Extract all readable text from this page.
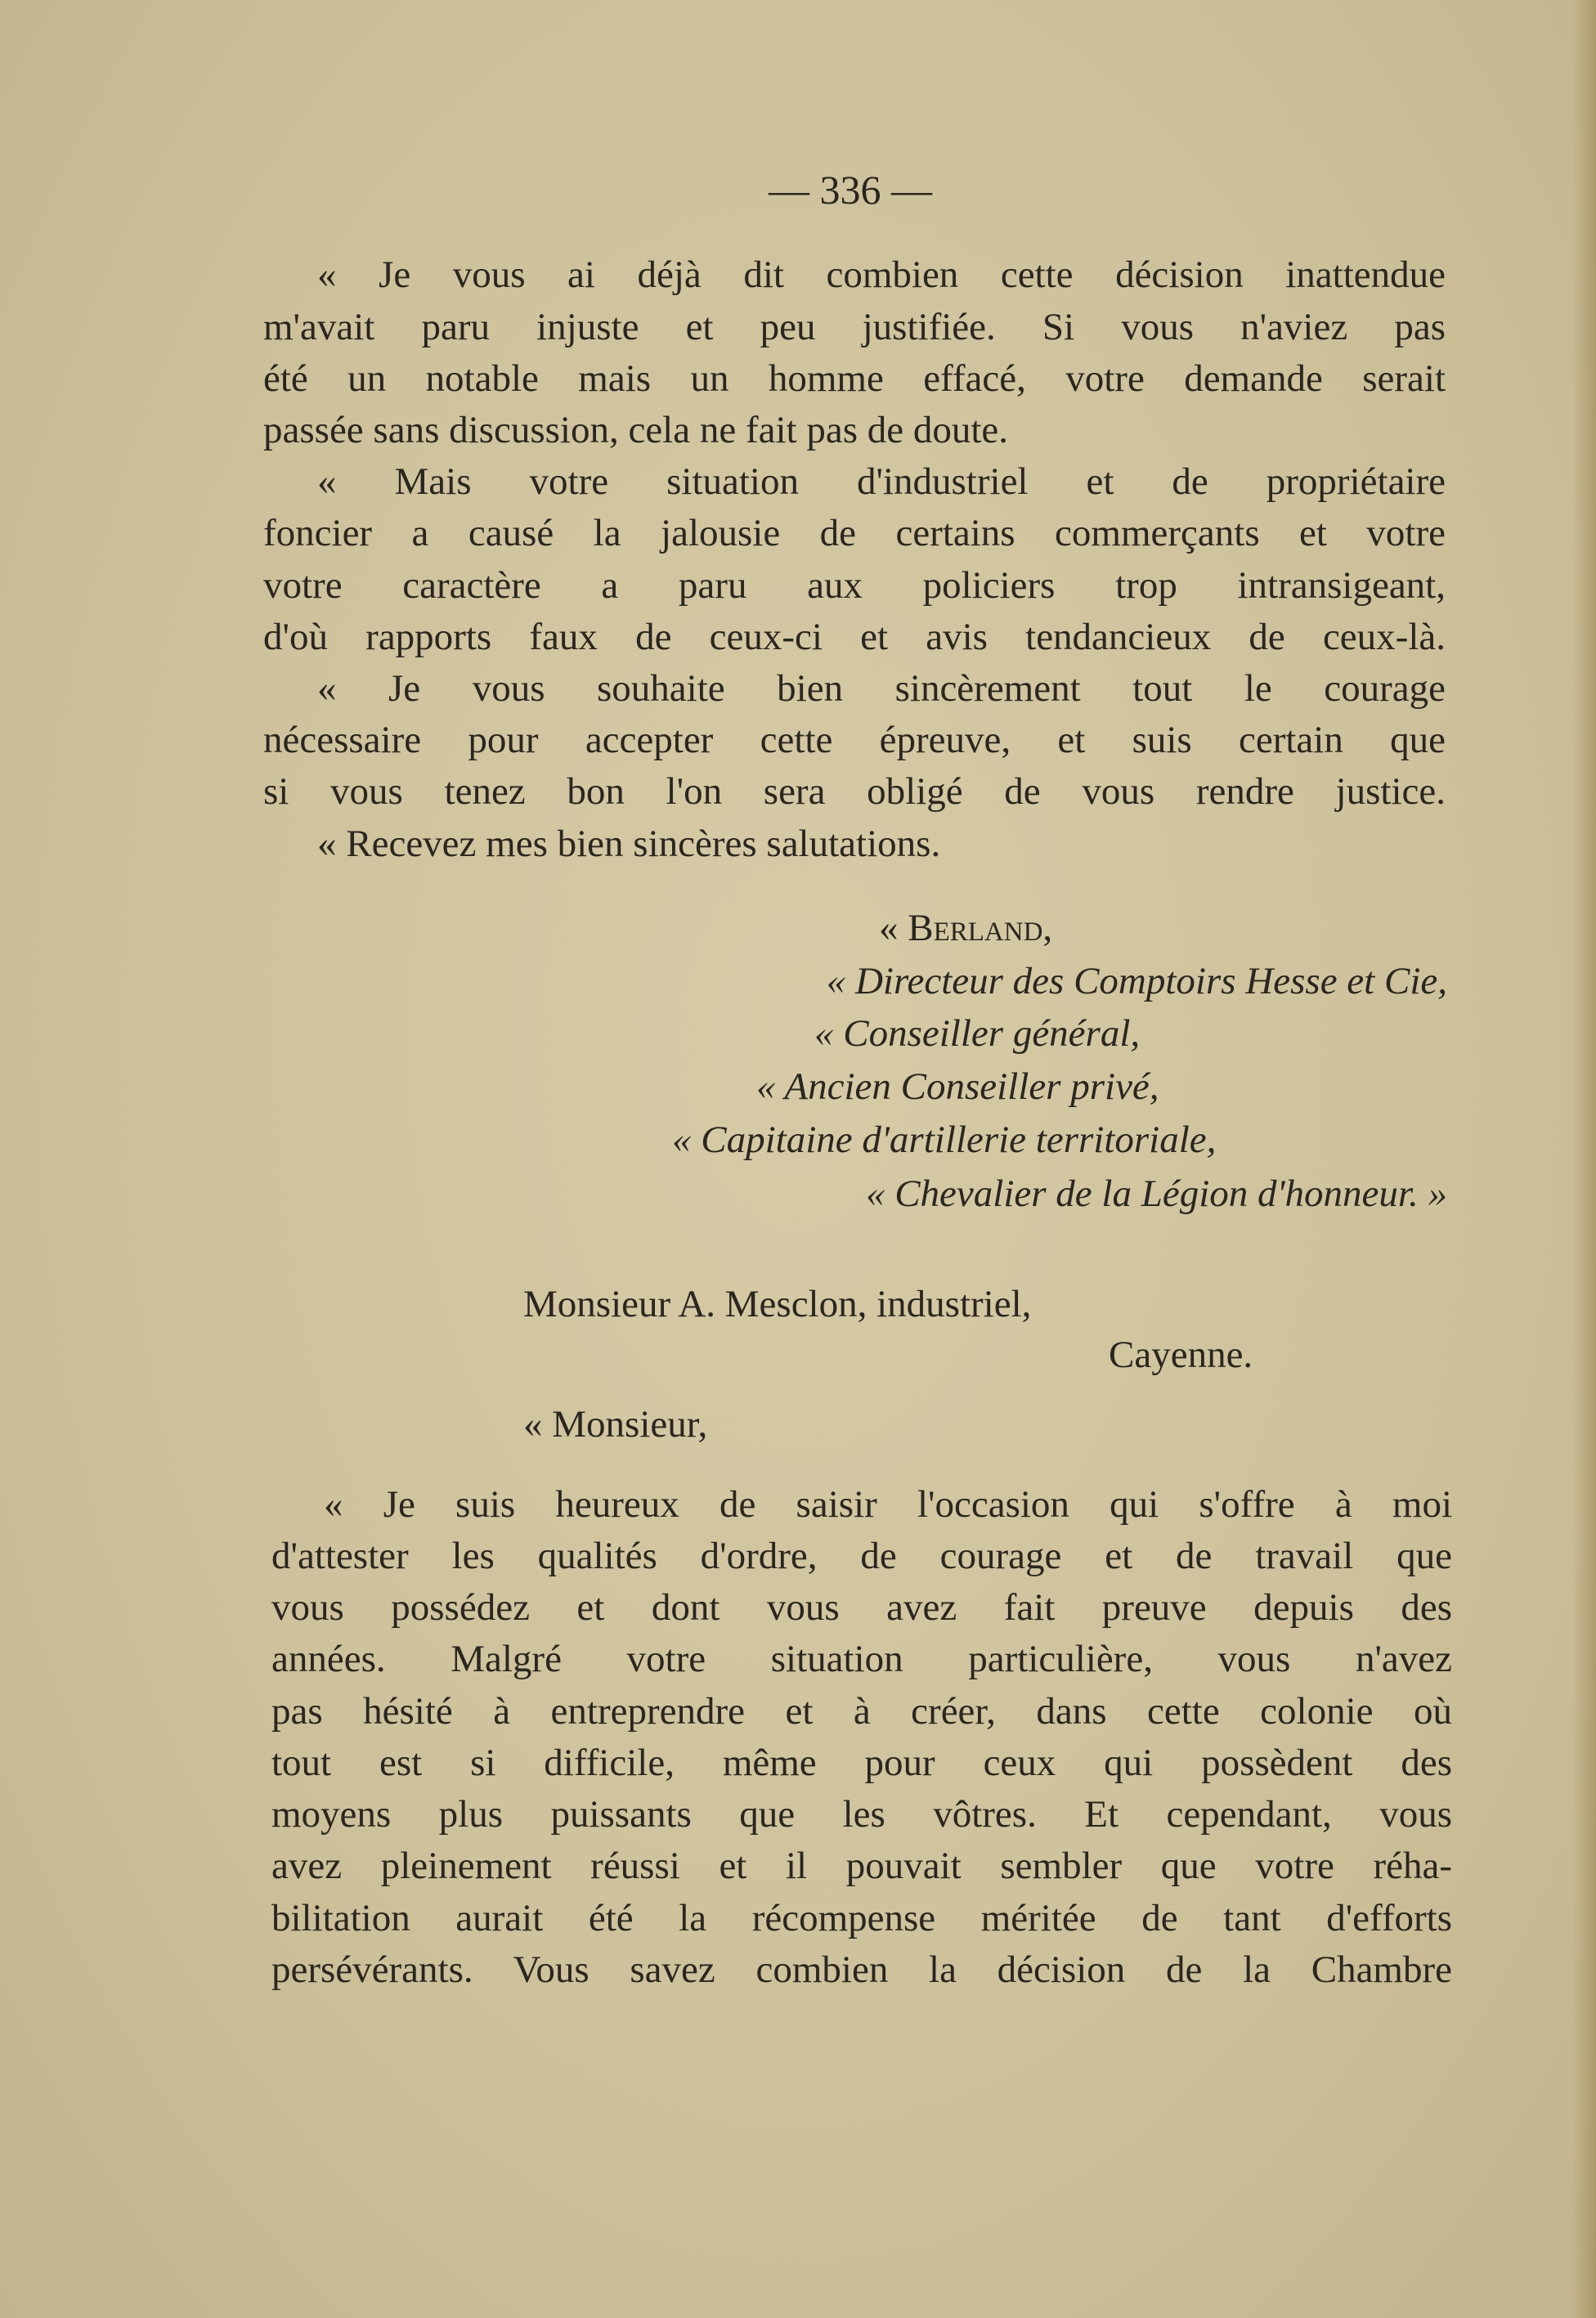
— 336 —

« Je vous ai déjà dit combien cette décision inattendue

m'avait paru injuste et peu justifiée. Si vous n'aviez pas

été un notable mais un homme effacé, votre demande serait

passée sans discussion, cela ne fait pas de doute.

« Mais votre situation d'industriel et de propriétaire

foncier a causé la jalousie de certains commerçants et votre

votre caractère a paru aux policiers trop intransigeant,

d'où rapports faux de ceux-ci et avis tendancieux de ceux-là.

« Je vous souhaite bien sincèrement tout le courage

nécessaire pour accepter cette épreuve, et suis certain que

si vous tenez bon l'on sera obligé de vous rendre justice.

« Recevez mes bien sincères salutations.

« Berland,

« Directeur des Comptoirs Hesse et Cie,

« Conseiller général,

« Ancien Conseiller privé,

« Capitaine d'artillerie territoriale,

« Chevalier de la Légion d'honneur. »

Monsieur A. Mesclon, industriel,

Cayenne.

« Monsieur,

« Je suis heureux de saisir l'occasion qui s'offre à moi

d'attester les qualités d'ordre, de courage et de travail que

vous possédez et dont vous avez fait preuve depuis des

années. Malgré votre situation particulière, vous n'avez

pas hésité à entreprendre et à créer, dans cette colonie où

tout est si difficile, même pour ceux qui possèdent des

moyens plus puissants que les vôtres. Et cependant, vous

avez pleinement réussi et il pouvait sembler que votre réha-

bilitation aurait été la récompense méritée de tant d'efforts

persévérants. Vous savez combien la décision de la Chambre
